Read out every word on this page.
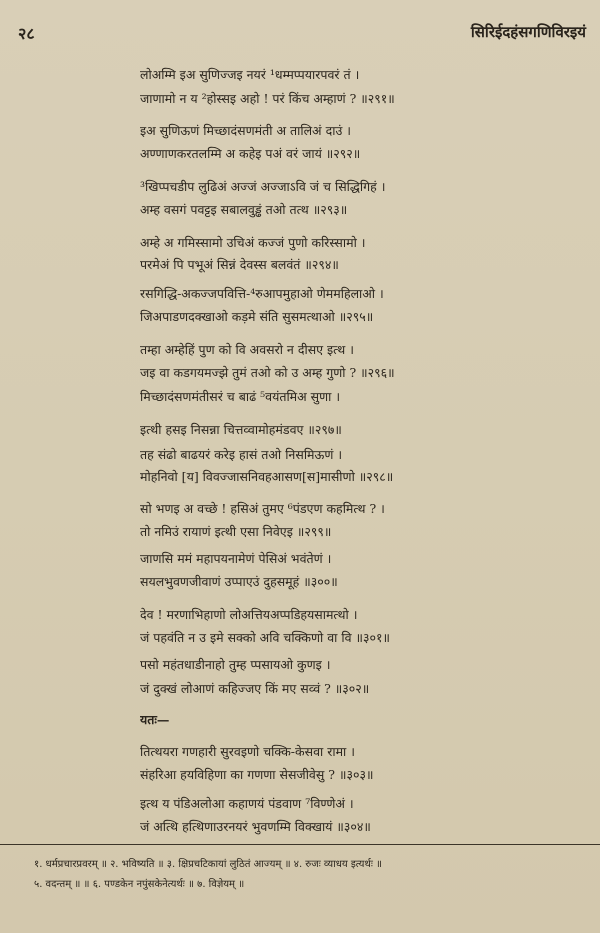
२८	सिरिईदहंसगणिविरइयं
लोअम्मि इअ सुणिज्जइ नयरं ¹धम्मप्पयारपवरं तं ।
जाणामो न य ²होस्सइ अहो ! परं किंच अम्हाणं ? ॥२९१॥
इअ सुणिऊणं मिच्छादंसणमंती अ तालिअं दाउं ।
अण्णाणकरतलम्मि अ कहेइ पअं वरं जायं ॥२९२॥
³खिप्पचडीप लुढिअं अज्जं अज्जाऽवि जं च सिद्धिगिहं ।
अम्ह वसगं पवट्टइ सबालवुड्ढं तओ तत्थ ॥२९३॥
अम्हे अ गमिस्सामो उचिअं कज्जं पुणो करिस्सामो ।
परमेअं पि पभूअं सिन्नं देवस्स बलवंतं ॥२९४॥
रसगिद्धि-अकज्जपवित्ति-⁴रुआपमुहाओ णेममहिलाओ ।
जिअपाडणदक्खाओ कड़मे संति सुसमत्थाओ ॥२९५॥
तम्हा अम्हेहिं पुण को वि अवसरो न दीसए इत्थ ।
जइ वा कडगयमज्झे तुमं तओ को उ अम्ह गुणो ? ॥२९६॥
मिच्छादंसणमंतीसरं च बाढं ⁵वयंतमिअ सुणा ।
इत्थी हसइ निसन्ना चित्तव्वामोहमंडवए ॥२९७॥
तह संढो बाढयरं करेइ हासं तओ निसमिऊणं ।
मोहनिवो [य] विवज्जासनिवहआसण[स]मासीणो ॥२९८॥
सो भणइ अ वच्छे ! हसिअं तुमए ⁶पंडएण कहमित्थ ? ।
तो नमिउं रायाणं इत्थी एसा निवेएइ ॥२९९॥
जाणसि ममं महापयनामेणं पेसिअं भवंतेणं ।
सयलभुवणजीवाणं उप्पाएउं दुहसमूहं ॥३००॥
देव ! मरणाभिहाणो लोअत्तियअप्पडिहयसामत्थो ।
जं पहवंति न उ इमे सक्को अवि चक्किणो वा वि ॥३०१॥
पसो महंतधाडीनाहो तुम्ह प्पसायओ कुणइ ।
जं दुक्खं लोआणं कहिज्जए किं मए सव्वं ? ॥३०२॥
यतः—
तित्थयरा गणहारी सुरवइणो चक्कि-केसवा रामा ।
संहरिआ हयविहिणा का गणणा सेसजीवेसु ? ॥३०३॥
इत्थ य पंडिअलोआ कहाणयं पंडवाण ⁷विण्णेअं ।
जं अत्थि हत्थिणाउरनयरं भुवणम्मि विक्खायं ॥३०४॥
१. धर्मप्रचारप्रवरम् ॥ २. भविष्यति ॥ ३. क्षिप्रचटिकायां लुठितं आज्यम् ॥ ४. रुजः व्याधय इत्यर्थः ॥
५. वदन्तम् ॥ ॥ ६. पण्डकेन नपुंसकेनेत्यर्थः ॥ ७. विज्ञेयम् ॥
